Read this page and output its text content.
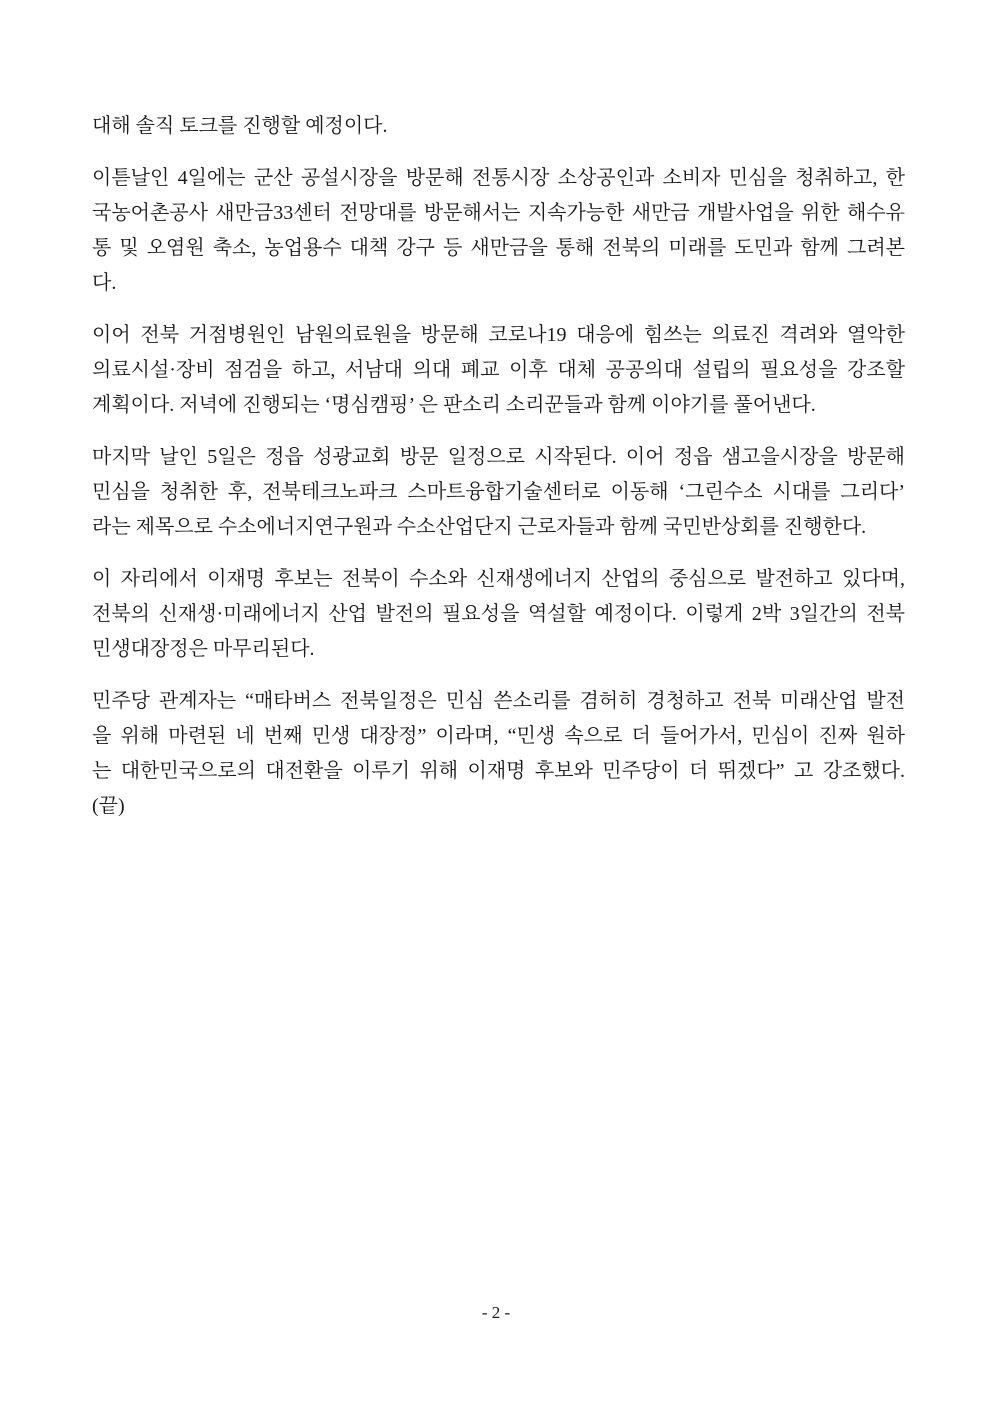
대해 솔직 토크를 진행할 예정이다.

이튿날인 4일에는 군산 공설시장을 방문해 전통시장 소상공인과 소비자 민심을 청취하고, 한
국농어촌공사 새만금33센터 전망대를 방문해서는 지속가능한 새만금 개발사업을 위한 해수유
통 및 오염원 축소, 농업용수 대책 강구 등 새만금을 통해 전북의 미래를 도민과 함께 그려본
다.

이어 전북 거점병원인 남원의료원을 방문해 코로나19 대응에 힘쓰는 의료진 격려와 열악한
의료시설·장비 점검을 하고, 서남대 의대 폐교 이후 대체 공공의대 설립의 필요성을 강조할
계획이다. 저녁에 진행되는 ‘명심캠핑’ 은 판소리 소리꾼들과 함께 이야기를 풀어낸다.

마지막 날인 5일은 정읍 성광교회 방문 일정으로 시작된다. 이어 정읍 샘고을시장을 방문해
민심을 청취한 후, 전북테크노파크 스마트융합기술센터로 이동해 ‘그린수소 시대를 그리다’
라는 제목으로 수소에너지연구원과 수소산업단지 근로자들과 함께 국민반상회를 진행한다.

이 자리에서 이재명 후보는 전북이 수소와 신재생에너지 산업의 중심으로 발전하고 있다며,
전북의 신재생·미래에너지 산업 발전의 필요성을 역설할 예정이다. 이렇게 2박 3일간의 전북
민생대장정은 마무리된다.

민주당 관계자는 “매타버스 전북일정은 민심 쓴소리를 겸허히 경청하고 전북 미래산업 발전
을 위해 마련된 네 번째 민생 대장정” 이라며, “민생 속으로 더 들어가서, 민심이 진짜 원하
는 대한민국으로의 대전환을 이루기 위해 이재명 후보와 민주당이 더 뛰겠다” 고 강조했다.
(끝)

- 2 -
